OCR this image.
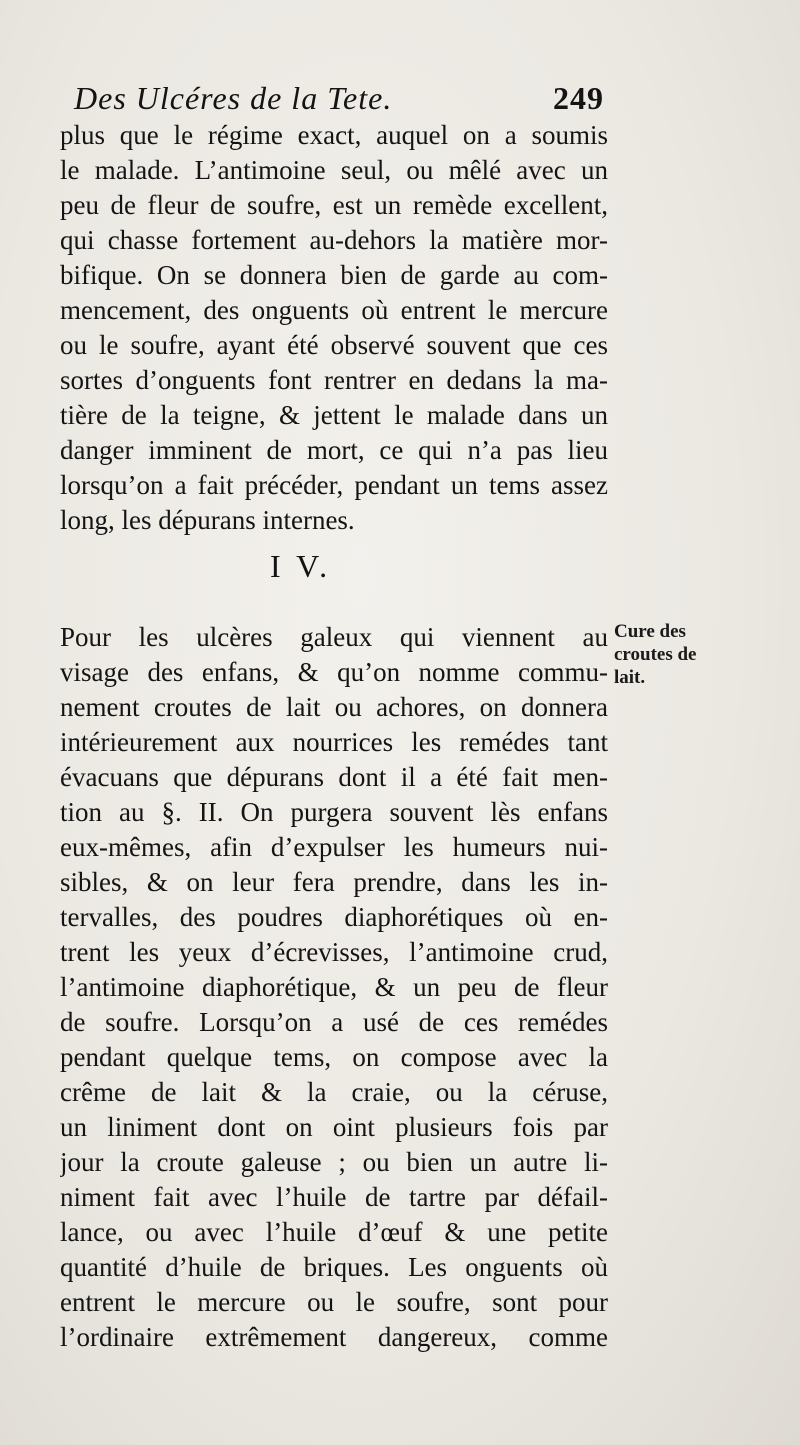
Des Ulcéres de la Tete.	249
plus que le régime exact, auquel on a soumis
le malade. L’antimoine seul, ou mêlé avec un
peu de fleur de soufre, est un remède excellent,
qui chasse fortement au-dehors la matière mor-
bifique. On se donnera bien de garde au com-
mencement, des onguents où entrent le mercure
ou le soufre, ayant été observé souvent que ces
sortes d’onguents font rentrer en dedans la ma-
tière de la teigne, & jettent le malade dans un
danger imminent de mort, ce qui n’a pas lieu
lorsqu’on a fait précéder, pendant un tems assez
long, les dépurans internes.
I V.
Cure des
croutes de
lait.
Pour les ulcères galeux qui viennent au
visage des enfans, & qu’on nomme commu-
nement croutes de lait ou achores, on donnera
intérieurement aux nourrices les remédes tant
évacuans que dépurans dont il a été fait men-
tion au §. II. On purgera souvent lès enfans
eux-mêmes, afin d’expulser les humeurs nui-
sibles, & on leur fera prendre, dans les in-
tervalles, des poudres diaphorétiques où en-
trent les yeux d’écrevisses, l’antimoine crud,
l’antimoine diaphorétique, & un peu de fleur
de soufre. Lorsqu’on a usé de ces remédes
pendant quelque tems, on compose avec la
crême de lait & la craie, ou la céruse,
un liniment dont on oint plusieurs fois par
jour la croute galeuse ; ou bien un autre li-
niment fait avec l’huile de tartre par défail-
lance, ou avec l’huile d’œuf & une petite
quantité d’huile de briques. Les onguents où
entrent le mercure ou le soufre, sont pour
l’ordinaire extrêmement dangereux, comme
